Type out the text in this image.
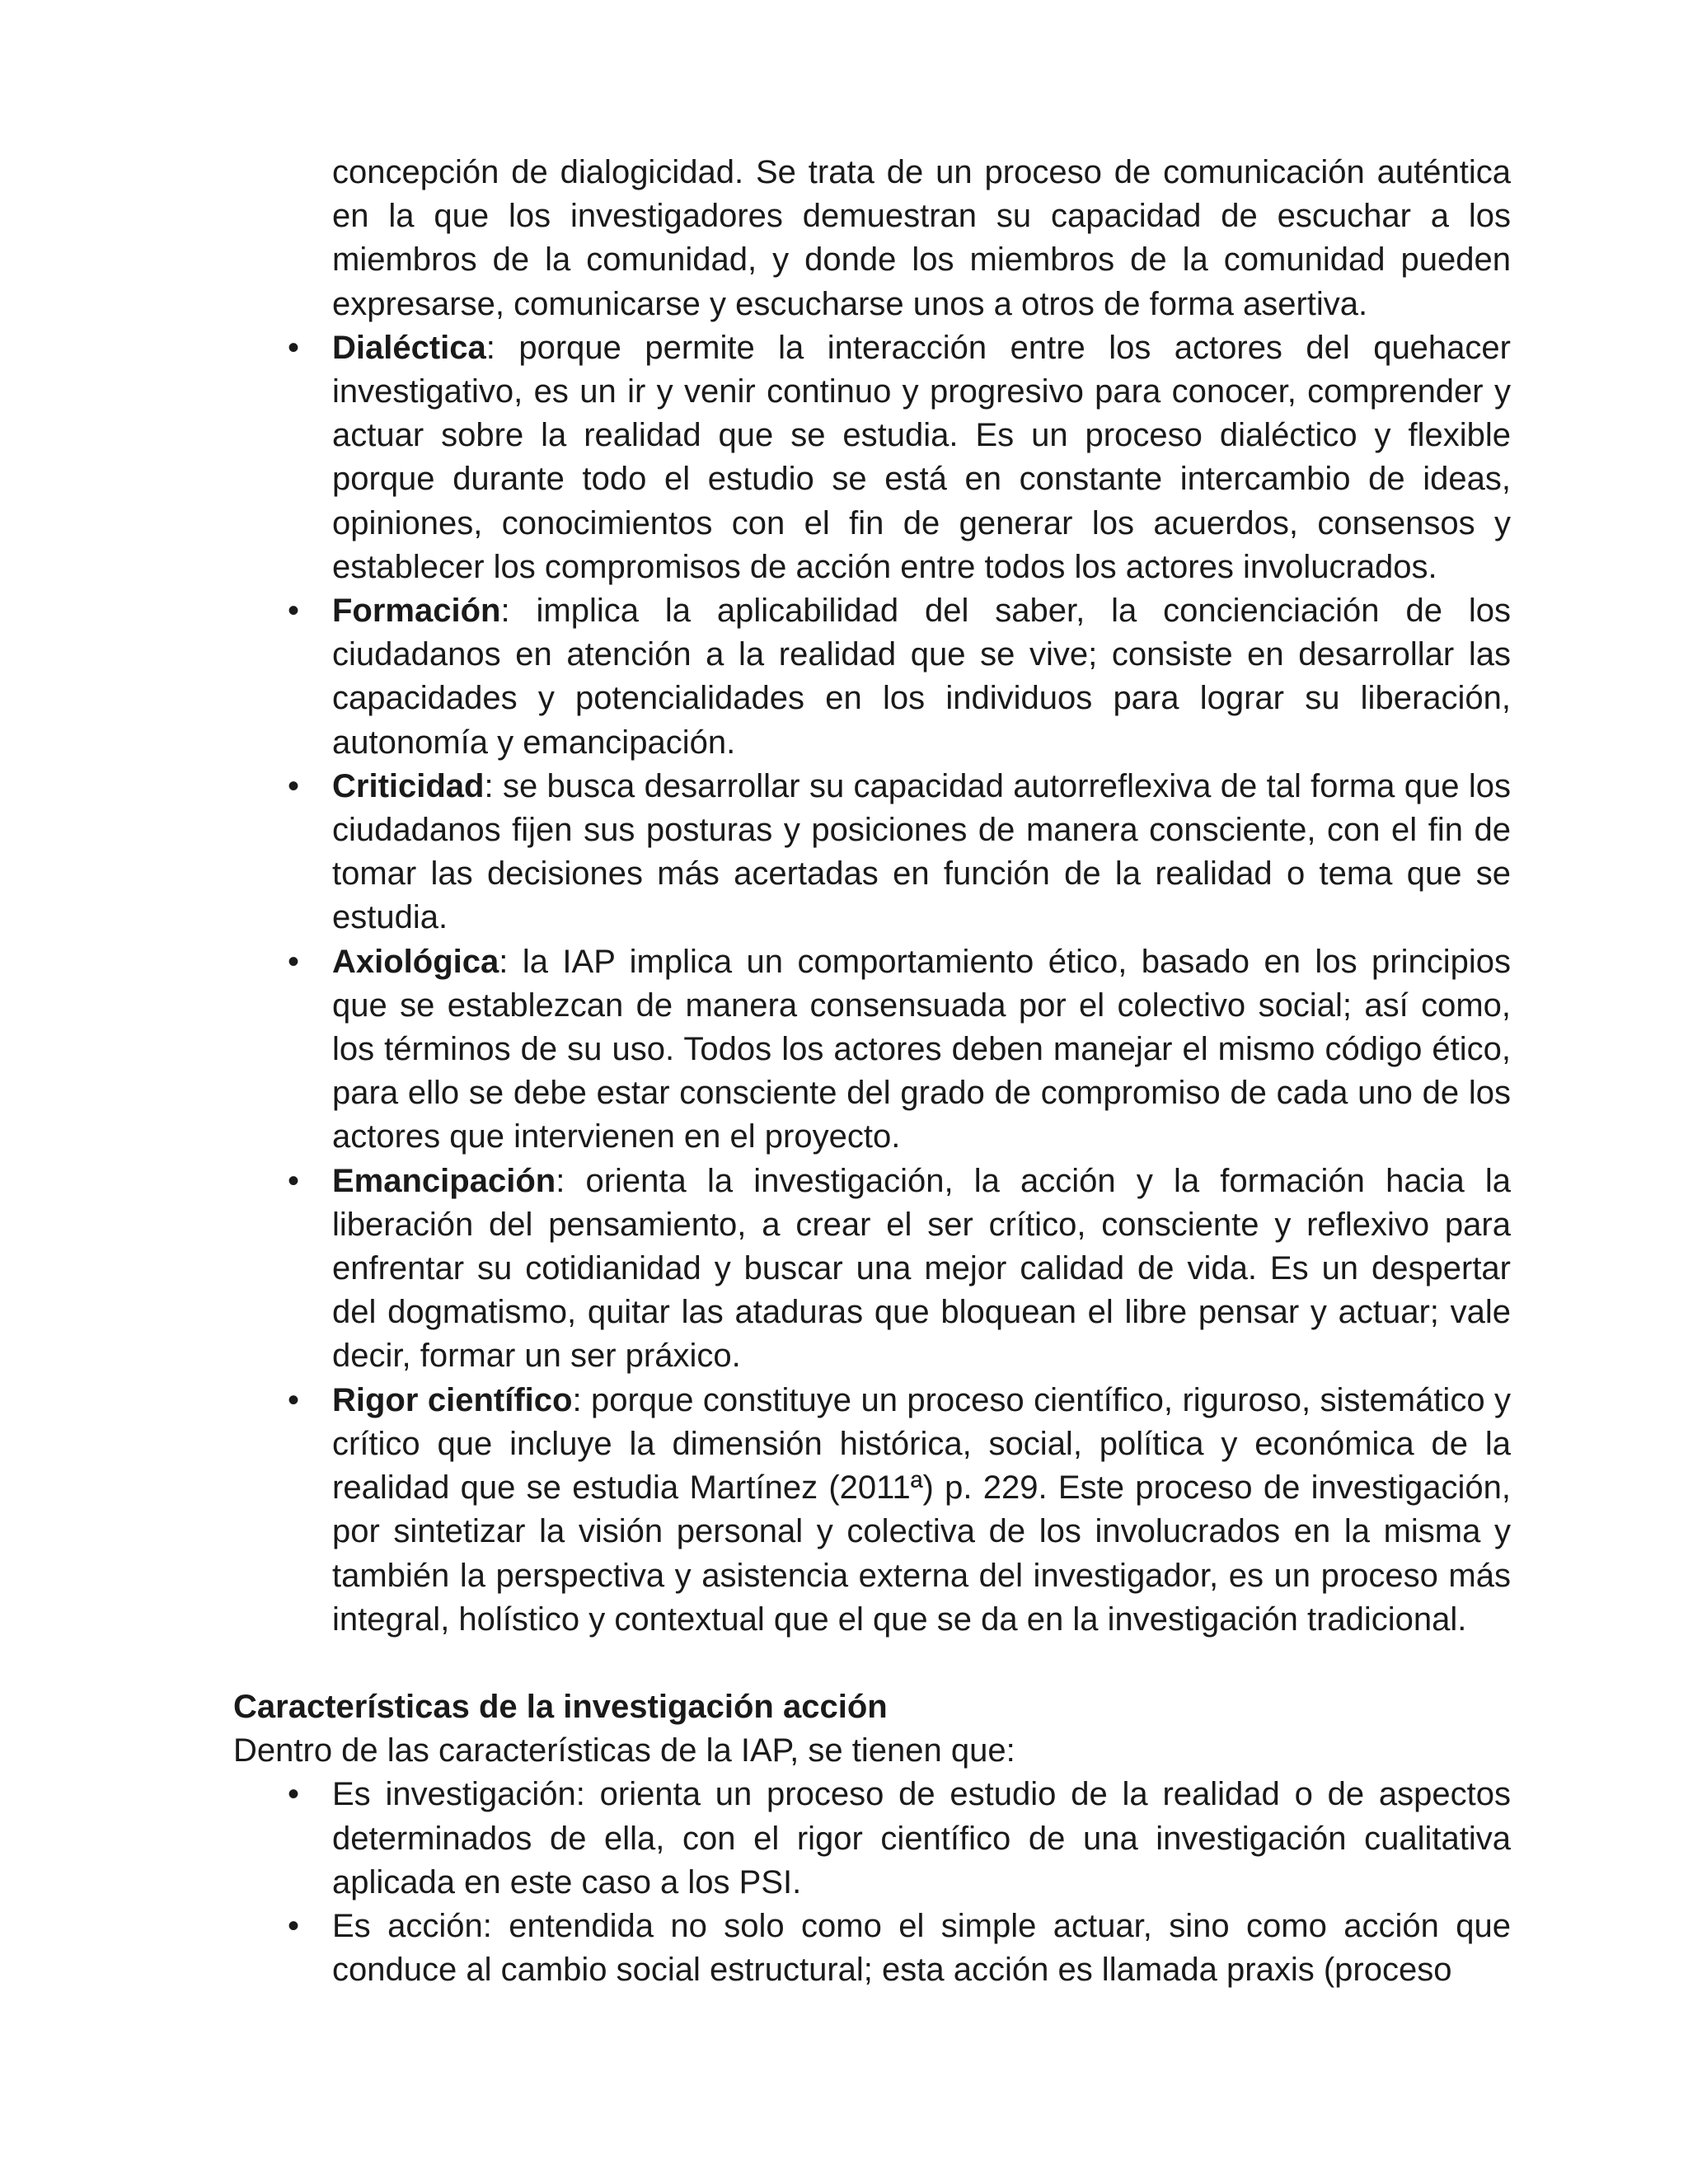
concepción de dialogicidad. Se trata de un proceso de comunicación auténtica en la que los investigadores demuestran su capacidad de escuchar a los miembros de la comunidad, y donde los miembros de la comunidad pueden expresarse, comunicarse y escucharse unos a otros de forma asertiva.

• Dialéctica: porque permite la interacción entre los actores del quehacer investigativo, es un ir y venir continuo y progresivo para conocer, comprender y actuar sobre la realidad que se estudia. Es un proceso dialéctico y flexible porque durante todo el estudio se está en constante intercambio de ideas, opiniones, conocimientos con el fin de generar los acuerdos, consensos y establecer los compromisos de acción entre todos los actores involucrados.
• Formación: implica la aplicabilidad del saber, la concienciación de los ciudadanos en atención a la realidad que se vive; consiste en desarrollar las capacidades y potencialidades en los individuos para lograr su liberación, autonomía y emancipación.
• Criticidad: se busca desarrollar su capacidad autorreflexiva de tal forma que los ciudadanos fijen sus posturas y posiciones de manera consciente, con el fin de tomar las decisiones más acertadas en función de la realidad o tema que se estudia.
• Axiológica: la IAP implica un comportamiento ético, basado en los principios que se establezcan de manera consensuada por el colectivo social; así como, los términos de su uso. Todos los actores deben manejar el mismo código ético, para ello se debe estar consciente del grado de compromiso de cada uno de los actores que intervienen en el proyecto.
• Emancipación: orienta la investigación, la acción y la formación hacia la liberación del pensamiento, a crear el ser crítico, consciente y reflexivo para enfrentar su cotidianidad y buscar una mejor calidad de vida. Es un despertar del dogmatismo, quitar las ataduras que bloquean el libre pensar y actuar; vale decir, formar un ser práxico.
• Rigor científico: porque constituye un proceso científico, riguroso, sistemático y crítico que incluye la dimensión histórica, social, política y económica de la realidad que se estudia Martínez (2011ª) p. 229. Este proceso de investigación, por sintetizar la visión personal y colectiva de los involucrados en la misma y también la perspectiva y asistencia externa del investigador, es un proceso más integral, holístico y contextual que el que se da en la investigación tradicional.
Características de la investigación acción

Dentro de las características de la IAP, se tienen que:

• Es investigación: orienta un proceso de estudio de la realidad o de aspectos determinados de ella, con el rigor científico de una investigación cualitativa aplicada en este caso a los PSI.
• Es acción: entendida no solo como el simple actuar, sino como acción que conduce al cambio social estructural; esta acción es llamada praxis (proceso
